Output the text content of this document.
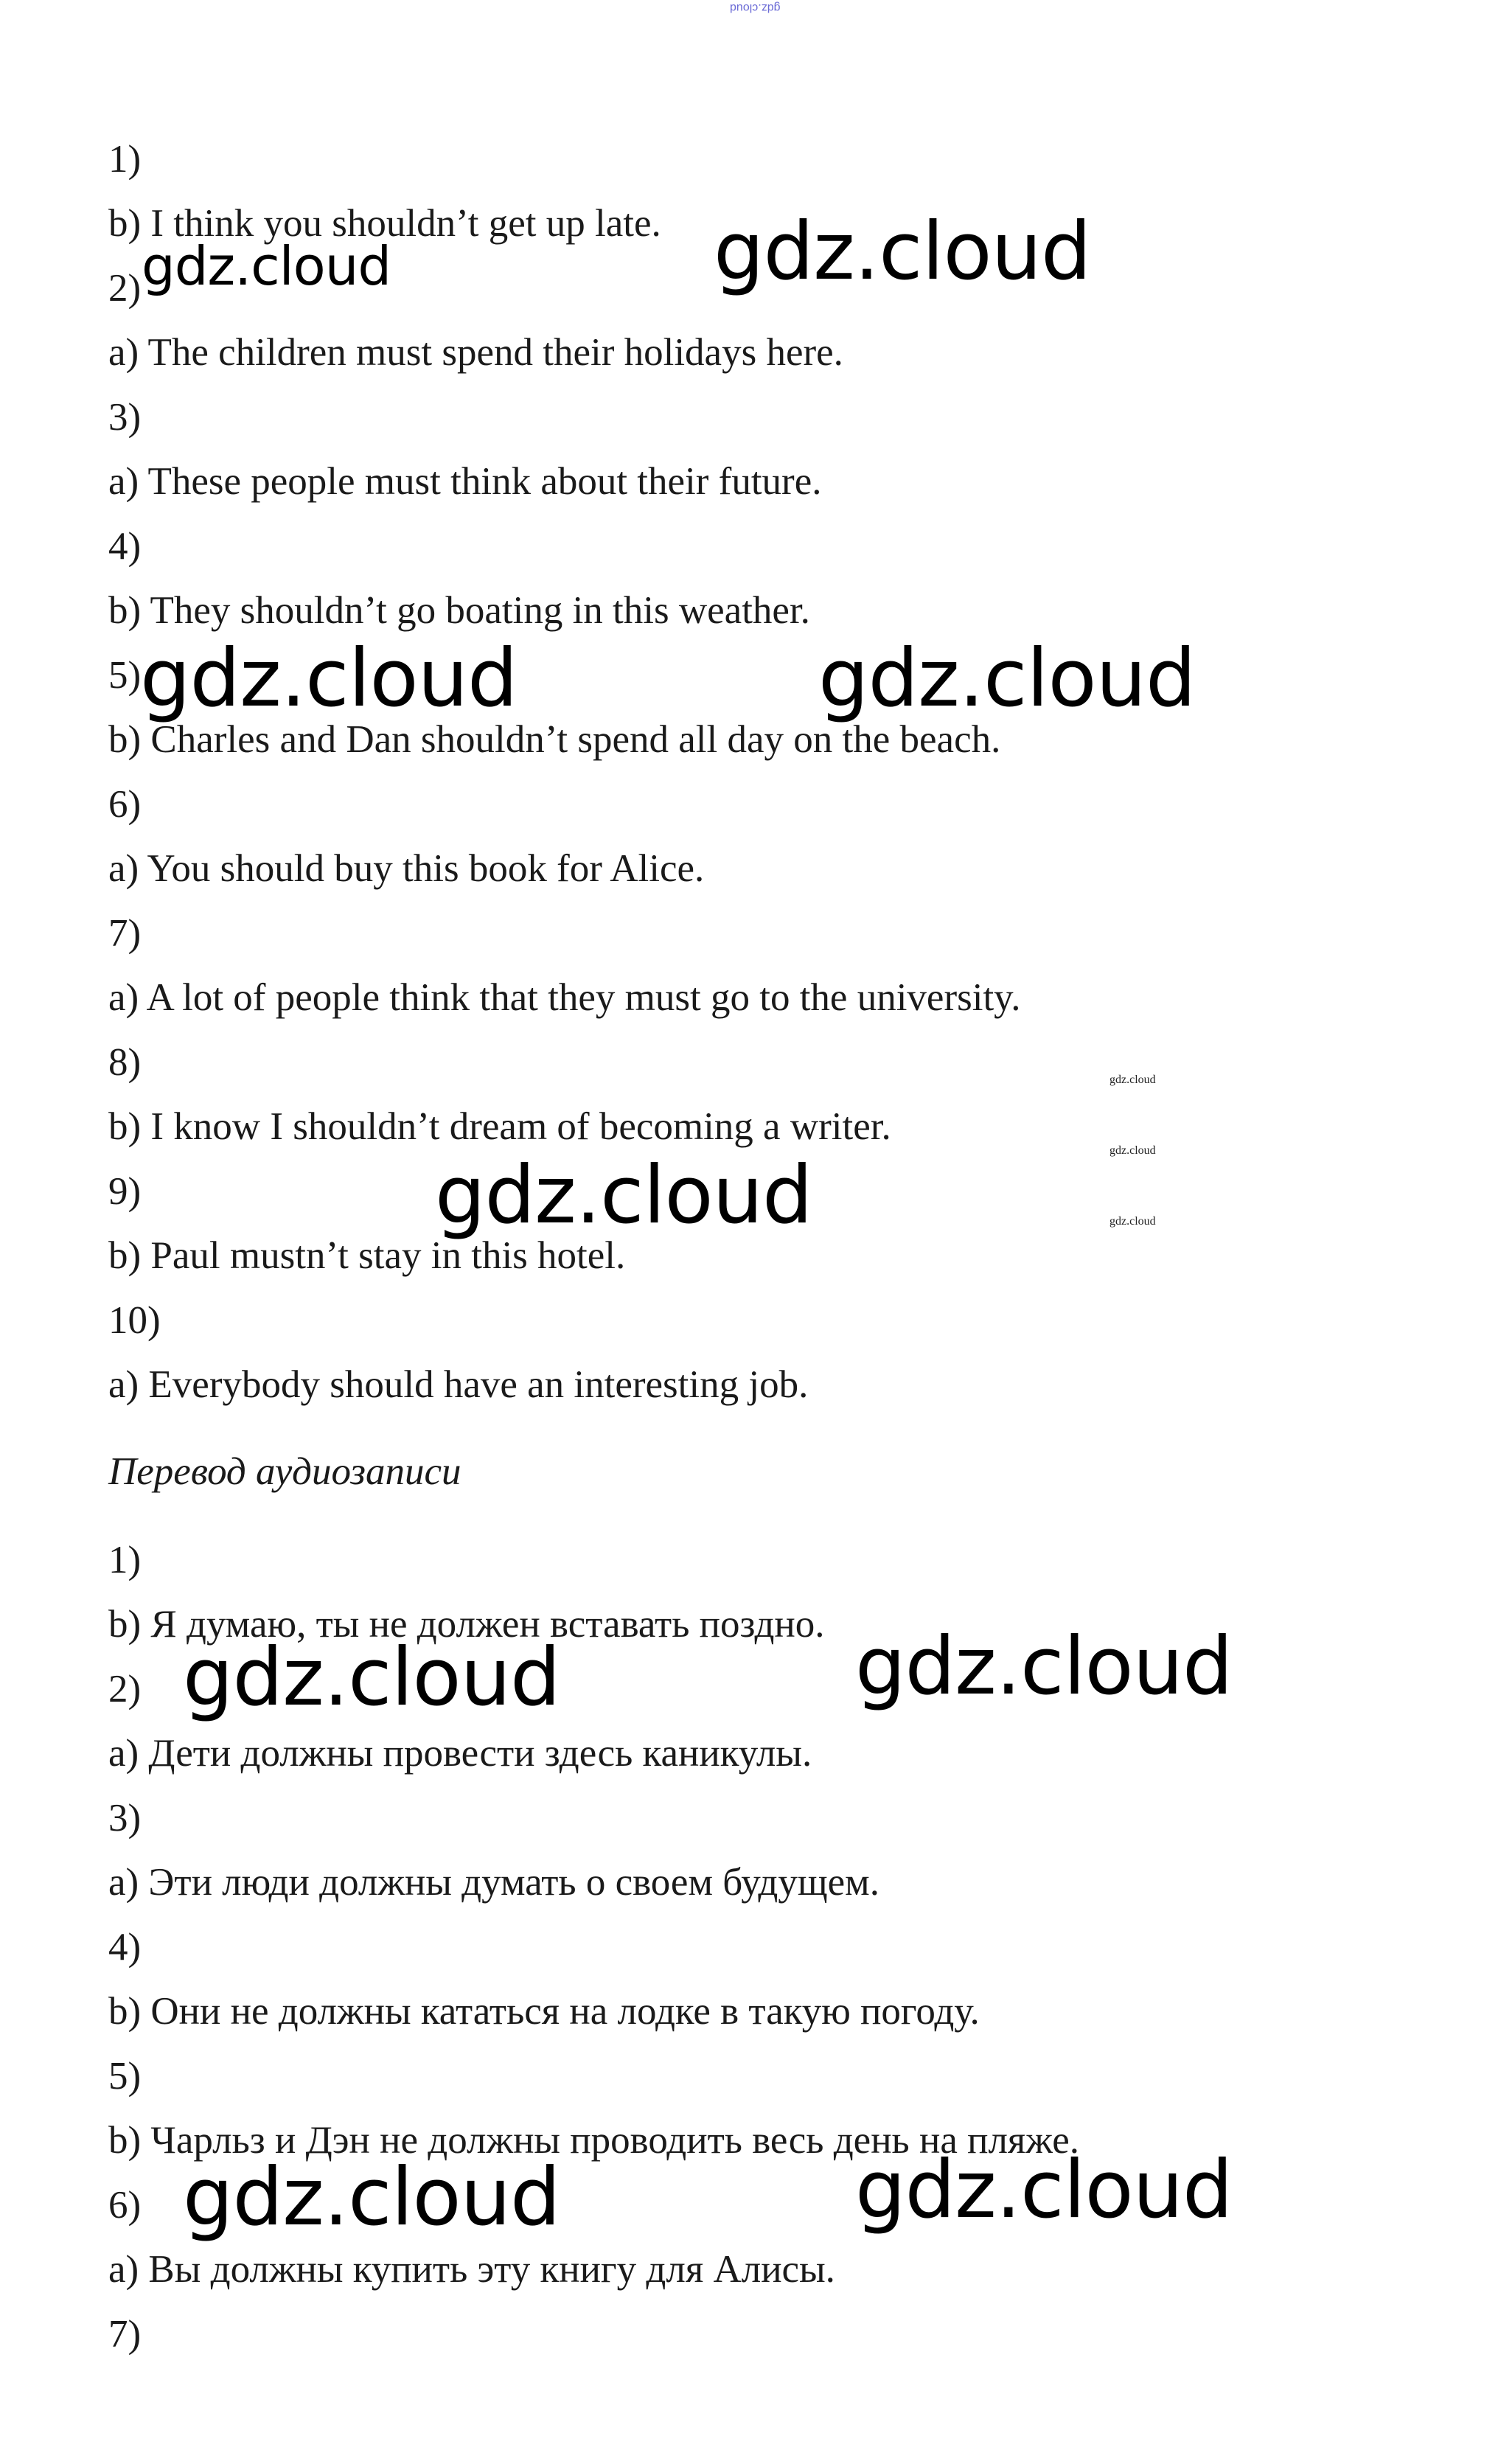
gdz.cloud
1)
b) I think you shouldn’t get up late.
2)
a) The children must spend their holidays here.
3)
a) These people must think about their future.
4)
b) They shouldn’t go boating in this weather.
5)
b) Charles and Dan shouldn’t spend all day on the beach.
6)
a) You should buy this book for Alice.
7)
a) A lot of people think that they must go to the university.
8)
b) I know I shouldn’t dream of becoming a writer.
9)
b) Paul mustn’t stay in this hotel.
10)
a) Everybody should have an interesting job.
Перевод аудиозаписи
1)
b) Я думаю, ты не должен вставать поздно.
2)
a) Дети должны провести здесь каникулы.
3)
a) Эти люди должны думать о своем будущем.
4)
b) Они не должны кататься на лодке в такую погоду.
5)
b) Чарльз и Дэн не должны проводить весь день на пляже.
6)
a) Вы должны купить эту книгу для Алисы.
7)
gdz.cloud	gdz.cloud
gdz.cloud	gdz.cloud
gdz.cloud
gdz.cloud
gdz.cloud
gdz.cloud
gdz.cloud	gdz.cloud
gdz.cloud	gdz.cloud
